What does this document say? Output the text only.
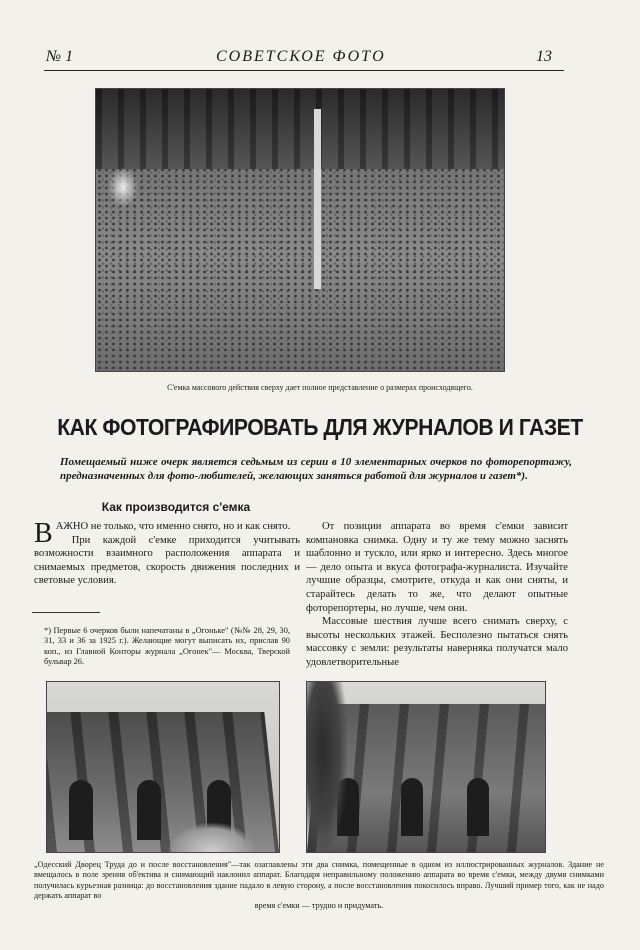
№ 1	СОВЕТСКОЕ ФОТО	13
С'емка массового действия сверху дает полное представление о размерах происходящего.
КАК ФОТОГРАФИРОВАТЬ ДЛЯ ЖУРНАЛОВ И ГАЗЕТ
Помещаемый ниже очерк является седьмым из серии в 10 элементарных очерков по фоторепортажу, предназначенных для фото-любителей, желающих заняться работой для журналов и газет*).
Как производится с'емка

ВАЖНО не только, что именно снято, но и как снято.

При каждой с'емке приходится учитывать возможности взаимного расположения аппарата и снимаемых предметов, скорость движения последних и световые условия.

*) Первые 6 очерков были напечатаны в „Огоньке" (№№ 28, 29, 30, 31, 33 и 36 за 1925 г.). Желающие могут выписать их, прислав 90 коп., из Главной Конторы журнала „Огонек"— Москва, Тверской бульвар 26.

От позиции аппарата во время с'емки зависит компановка снимка. Одну и ту же тему можно заснять шаблонно и тускло, или ярко и интересно. Здесь многое — дело опыта и вкуса фотографа-журналиста. Изучайте лучшие образцы, смотрите, откуда и как они сняты, и старайтесь делать то же, что делают опытные фоторепортеры, но лучше, чем они.

Массовые шествия лучше всего снимать сверху, с высоты нескольких этажей. Бесполезно пытаться снять массовку с земли: результаты наверняка получатся мало удовлетворительные

„Одесский Дворец Труда до и после восстановления"—так озаглавлены эти два снимка, помещенные в одном из иллюстрированных журналов. Здание не вмещалось в поле зрения об'ектива и снимающий наклонил аппарат. Благодаря неправильному положению аппарата во время с'емки, между двумя снимками получилась курьезная разница: до восстановления здание падало в левую сторону, а после восстановления покосилось вправо. Лучший пример того, как не надо держать аппарат во
время с'емки — трудно и придумать.
